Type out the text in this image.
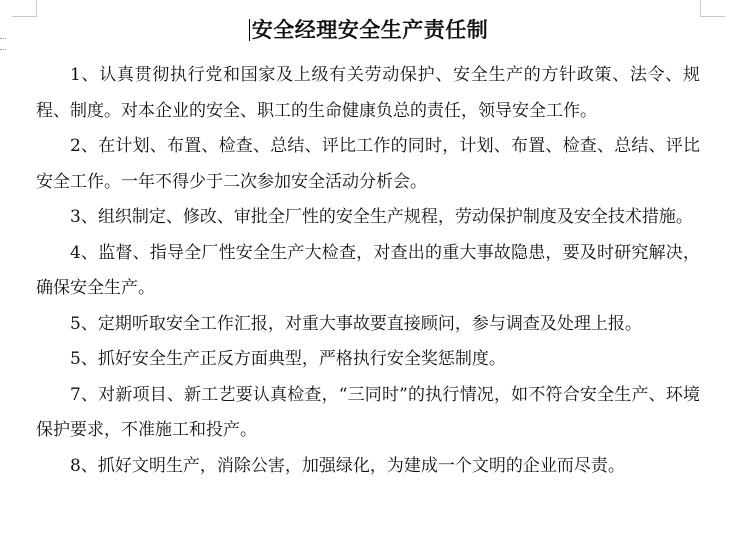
安全经理安全生产责任制

1、认真贯彻执行党和国家及上级有关劳动保护、安全生产的方针政策、法令、规程、制度。对本企业的安全、职工的生命健康负总的责任，领导安全工作。

2、在计划、布置、检查、总结、评比工作的同时，计划、布置、检查、总结、评比安全工作。一年不得少于二次参加安全活动分析会。

3、组织制定、修改、审批全厂性的安全生产规程，劳动保护制度及安全技术措施。

4、监督、指导全厂性安全生产大检查，对查出的重大事故隐患，要及时研究解决，确保安全生产。

5、定期听取安全工作汇报，对重大事故要直接顾问，参与调查及处理上报。

5、抓好安全生产正反方面典型，严格执行安全奖惩制度。

7、对新项目、新工艺要认真检查，“三同时”的执行情况，如不符合安全生产、环境保护要求，不准施工和投产。

8、抓好文明生产，消除公害，加强绿化，为建成一个文明的企业而尽责。
